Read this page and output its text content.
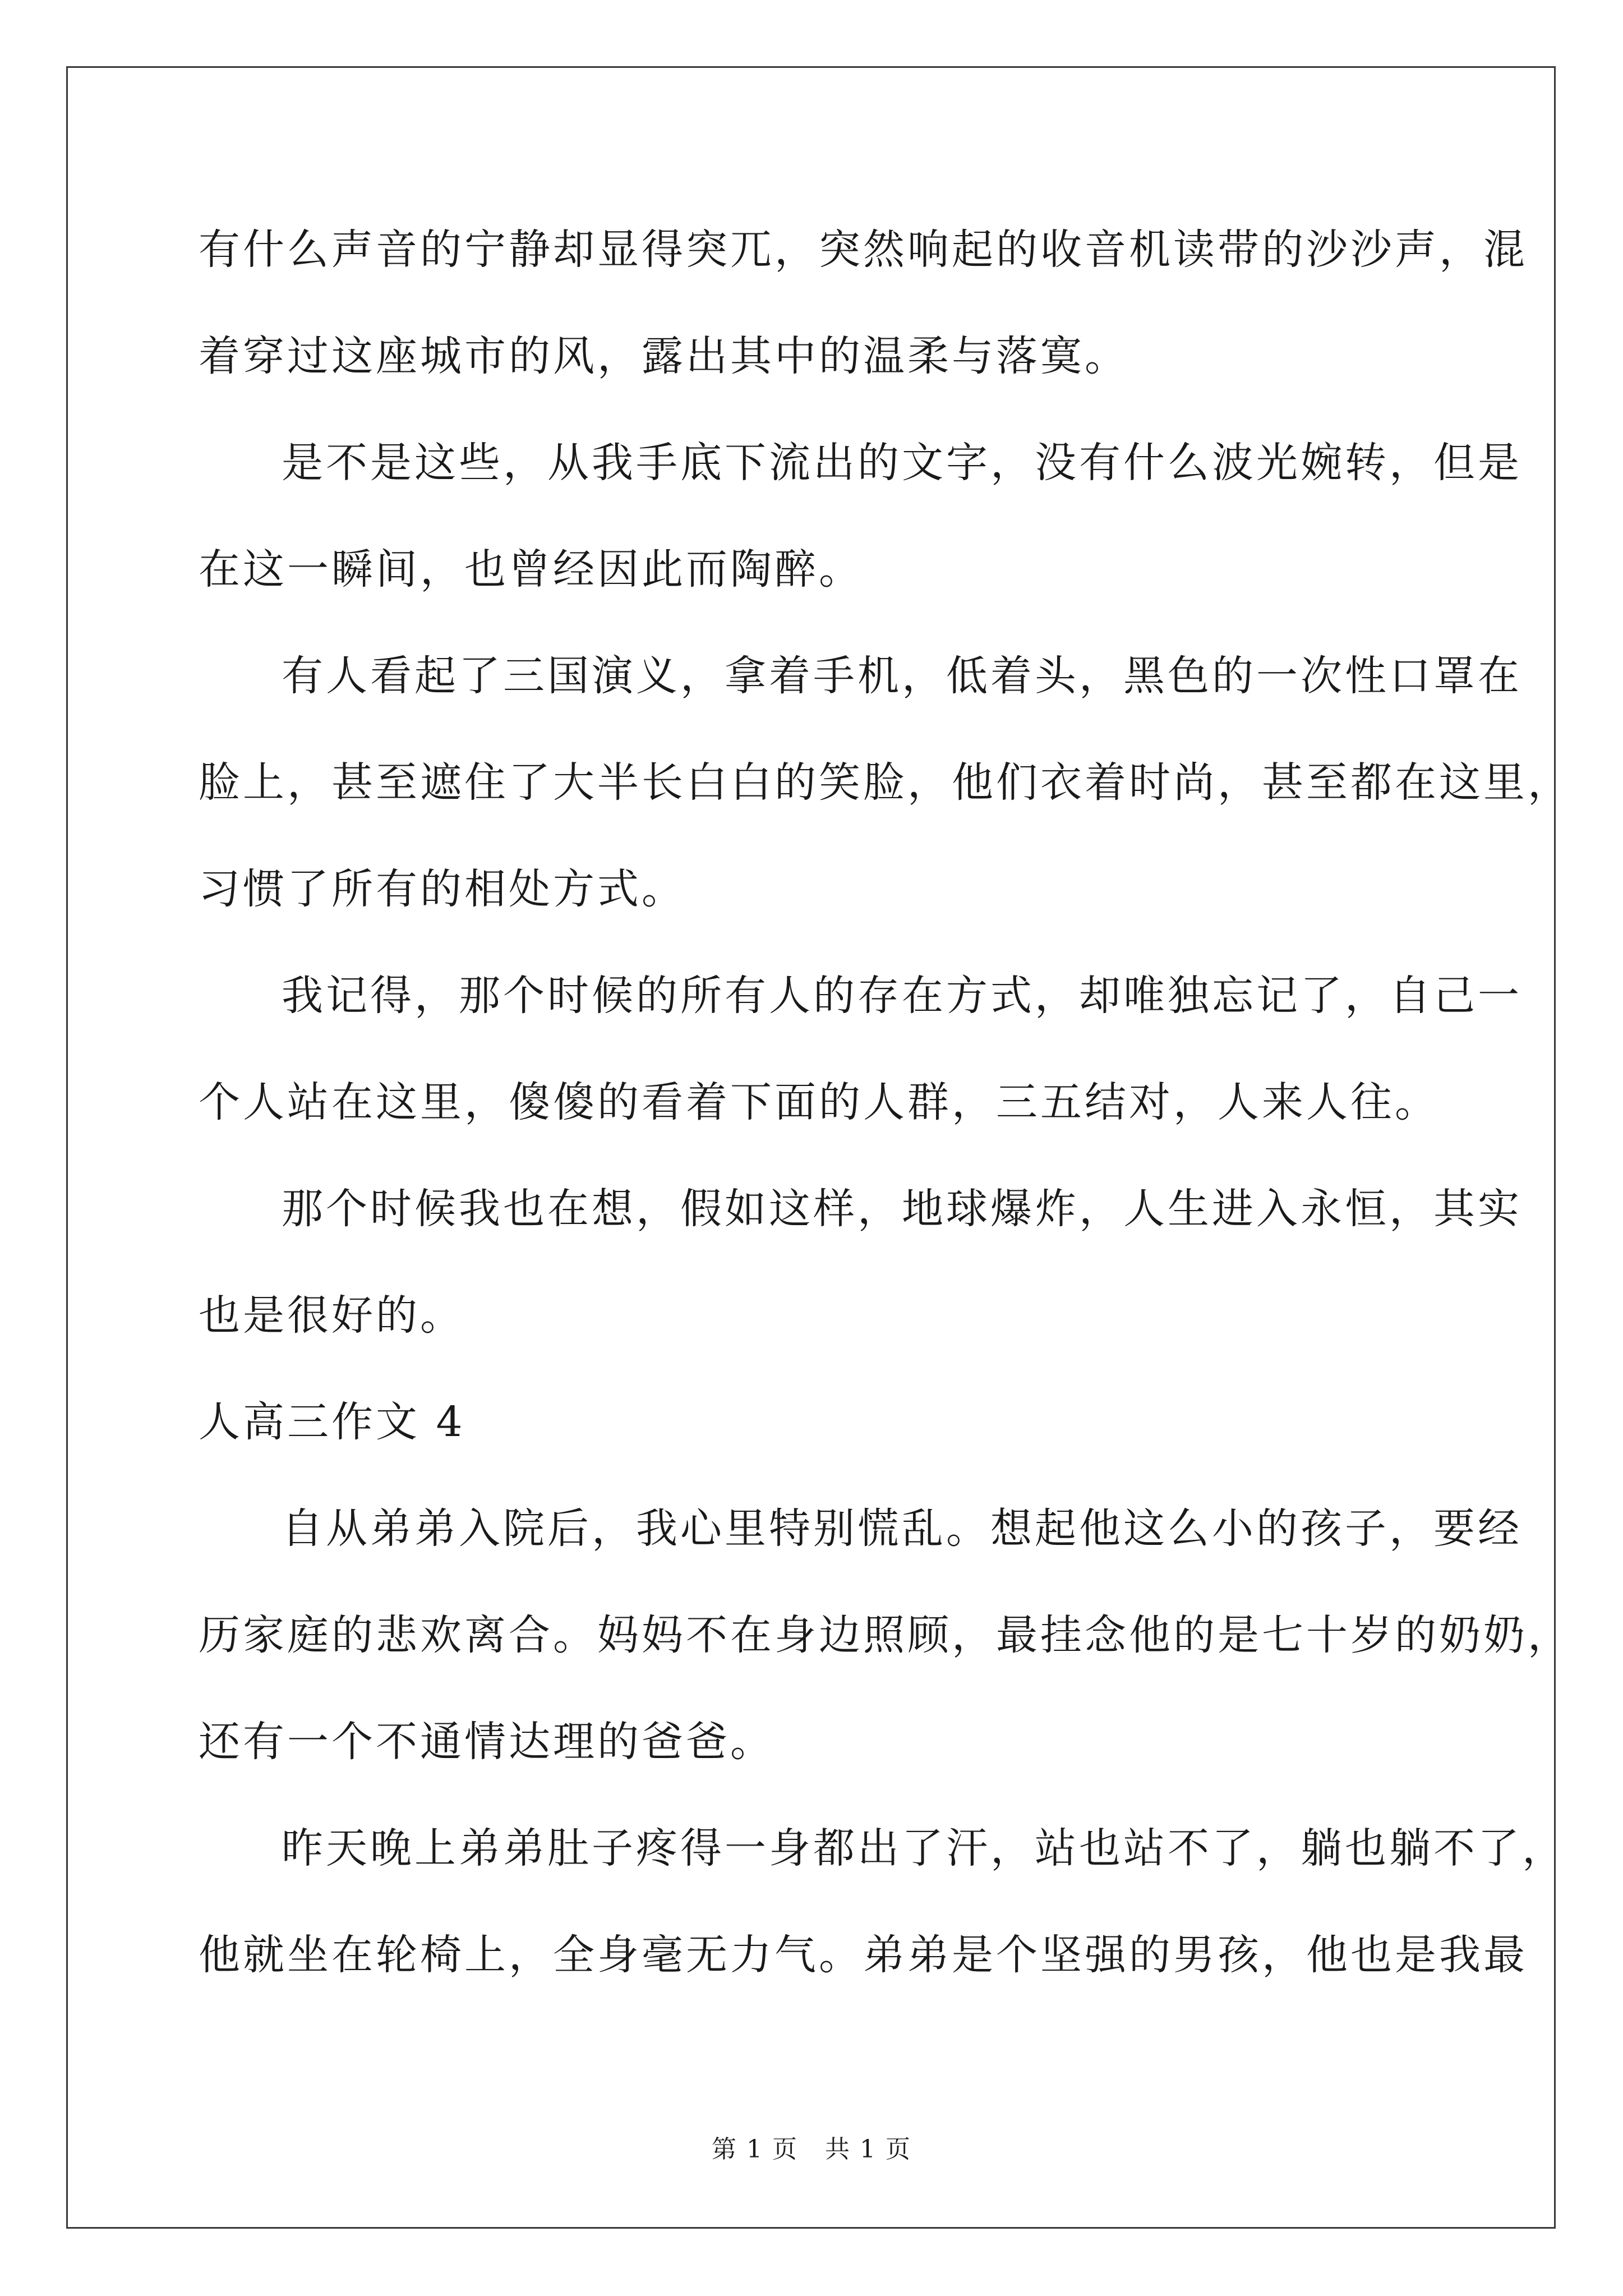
有什么声音的宁静却显得突兀，突然响起的收音机读带的沙沙声，混
着穿过这座城市的风，露出其中的温柔与落寞。
是不是这些，从我手底下流出的文字，没有什么波光婉转，但是
在这一瞬间，也曾经因此而陶醉。
有人看起了三国演义，拿着手机，低着头，黑色的一次性口罩在
脸上，甚至遮住了大半长白白的笑脸，他们衣着时尚，甚至都在这里，
习惯了所有的相处方式。
我记得，那个时候的所有人的存在方式，却唯独忘记了，自己一
个人站在这里，傻傻的看着下面的人群，三五结对，人来人往。
那个时候我也在想，假如这样，地球爆炸，人生进入永恒，其实
也是很好的。
人高三作文 4
自从弟弟入院后，我心里特别慌乱。想起他这么小的孩子，要经
历家庭的悲欢离合。妈妈不在身边照顾，最挂念他的是七十岁的奶奶，
还有一个不通情达理的爸爸。
昨天晚上弟弟肚子疼得一身都出了汗，站也站不了，躺也躺不了，
他就坐在轮椅上，全身毫无力气。弟弟是个坚强的男孩，他也是我最
第 1 页   共 1 页
